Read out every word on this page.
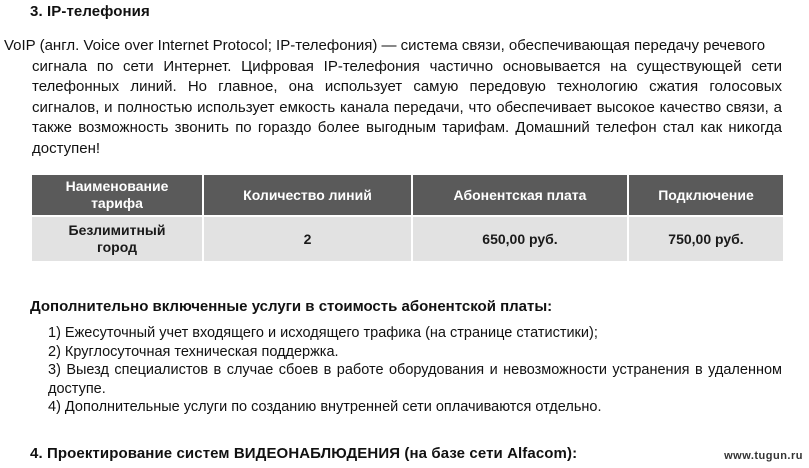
3. IP-телефония
VoIP (англ. Voice over Internet Protocol; IP-телефония) — система связи, обеспечивающая передачу речевого
сигнала по сети Интернет. Цифровая IP-телефония частично основывается на существующей сети телефонных линий. Но главное, она использует самую передовую технологию сжатия голосовых сигналов, и полностью использует емкость канала передачи, что обеспечивает высокое качество связи, а также возможность звонить по гораздо более выгодным тарифам. Домашний телефон стал как никогда доступен!
Наименование тарифа	Количество линий	Абонентская плата	Подключение
Безлимитный город	2	650,00 руб.	750,00 руб.
Дополнительно включенные услуги в стоимость абонентской платы:
1) Ежесуточный учет входящего и исходящего трафика (на странице статистики);
2) Круглосуточная техническая поддержка.
3) Выезд специалистов в случае сбоев в работе оборудования и невозможности устранения в удаленном доступе.
4) Дополнительные услуги по созданию внутренней сети оплачиваются отдельно.
4. Проектирование систем ВИДЕОНАБЛЮДЕНИЯ (на базе сети Alfacom):	www.tugun.ru
